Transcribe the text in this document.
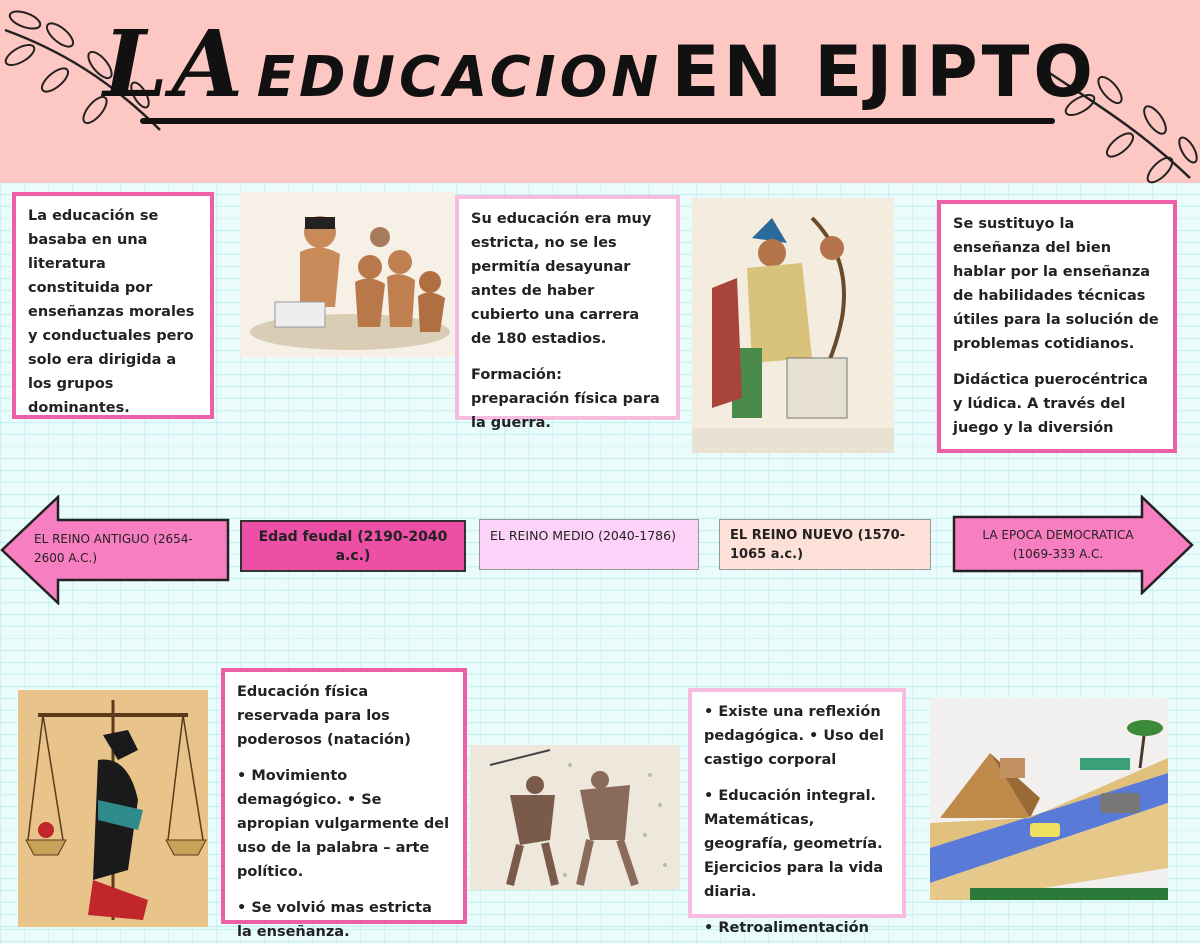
LA EDUCACION EN EJIPTO

La educación se basaba en una literatura constituida por enseñanzas morales y conductuales pero solo era dirigida a los grupos dominantes.

Su educación era muy estricta, no se les permitía desayunar antes de haber cubierto una carrera de 180 estadios.

Formación: preparación física para la guerra.

Se sustituyo la enseñanza del bien hablar por la enseñanza de habilidades técnicas útiles para la solución de problemas cotidianos.

Didáctica puerocéntrica y lúdica. A través del juego y la diversión

EL REINO ANTIGUO (2654-2600 A.C.)
Edad feudal (2190-2040 a.c.)
EL REINO MEDIO (2040-1786)	EL REINO NUEVO (1570-1065 a.c.)
LA EPOCA DEMOCRATICA (1069-333 A.C.

Educación física reservada para los poderosos (natación)

• Movimiento demagógico. • Se apropian vulgarmente del uso de la palabra – arte político.

• Se volvió mas estricta la enseñanza.

• Existe una reflexión pedagógica. • Uso del castigo corporal

• Educación integral. Matemáticas, geografía, geometría. Ejercicios para la vida diaria.

• Retroalimentación
